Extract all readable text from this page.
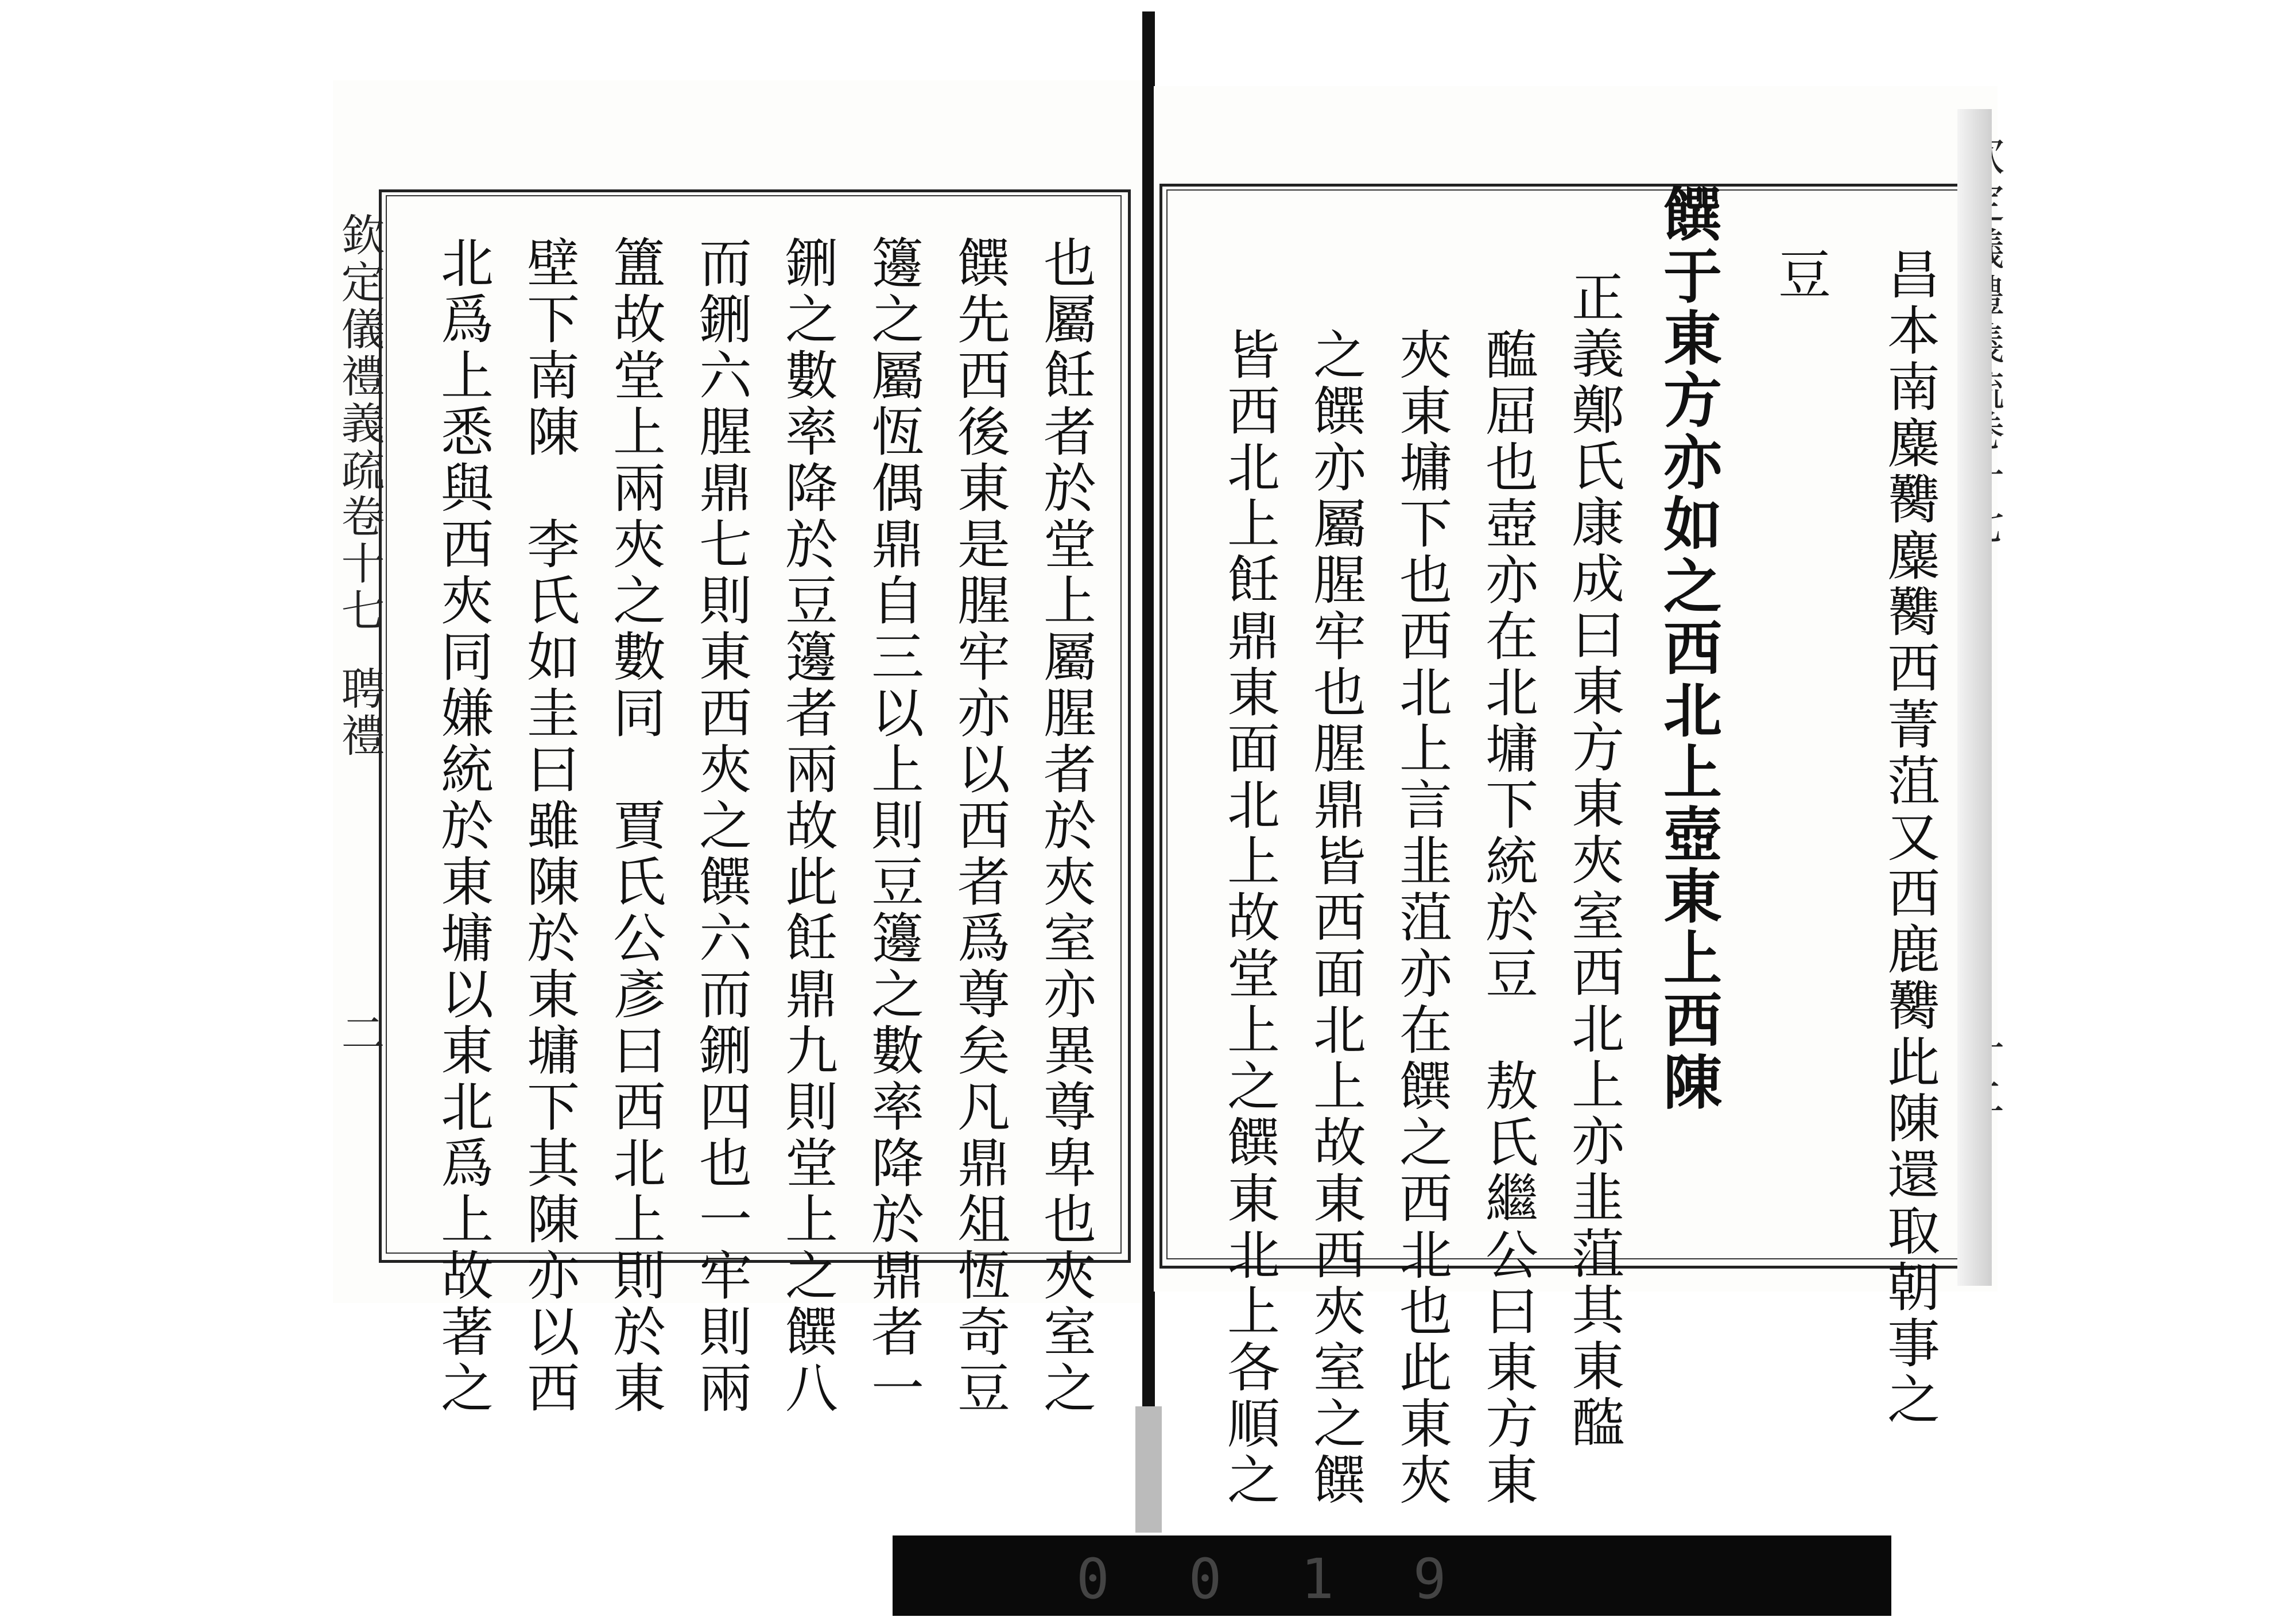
欽定儀禮義疏
卷十七
聘禮
二	也屬飪者於堂上屬腥者於夾室亦異尊卑也夾室之
饌先西後東是腥牢亦以西者爲尊矣凡鼎俎恆奇豆
籩之屬恆偶鼎自三以上則豆籩之數率降於鼎者一
鉶之數率降於豆籩者兩故此飪鼎九則堂上之饌八
而鉶六腥鼎七則東西夾之饌六而鉶四也一牢則兩
簠故堂上兩夾之數同　賈氏公彥曰西北上則於東
壁下南陳　李氏如圭曰雖陳於東墉下其陳亦以西
北爲上悉與西夾同嫌統於東墉以東北爲上故著之	昌本南麋臡麋臡西菁菹又西鹿臡此陳還取朝事之
豆
饌于東方亦如之西北上壺東上西陳
正義鄭氏康成曰東方東夾室西北上亦韭菹其東醓
醢屈也壺亦在北墉下統於豆　敖氏繼公曰東方東
夾東墉下也西北上言韭菹亦在饌之西北也此東夾
之饌亦屬腥牢也腥鼎皆西面北上故東西夾室之饌
皆西北上飪鼎東面北上故堂上之饌東北上各順之
0 0 1 9
